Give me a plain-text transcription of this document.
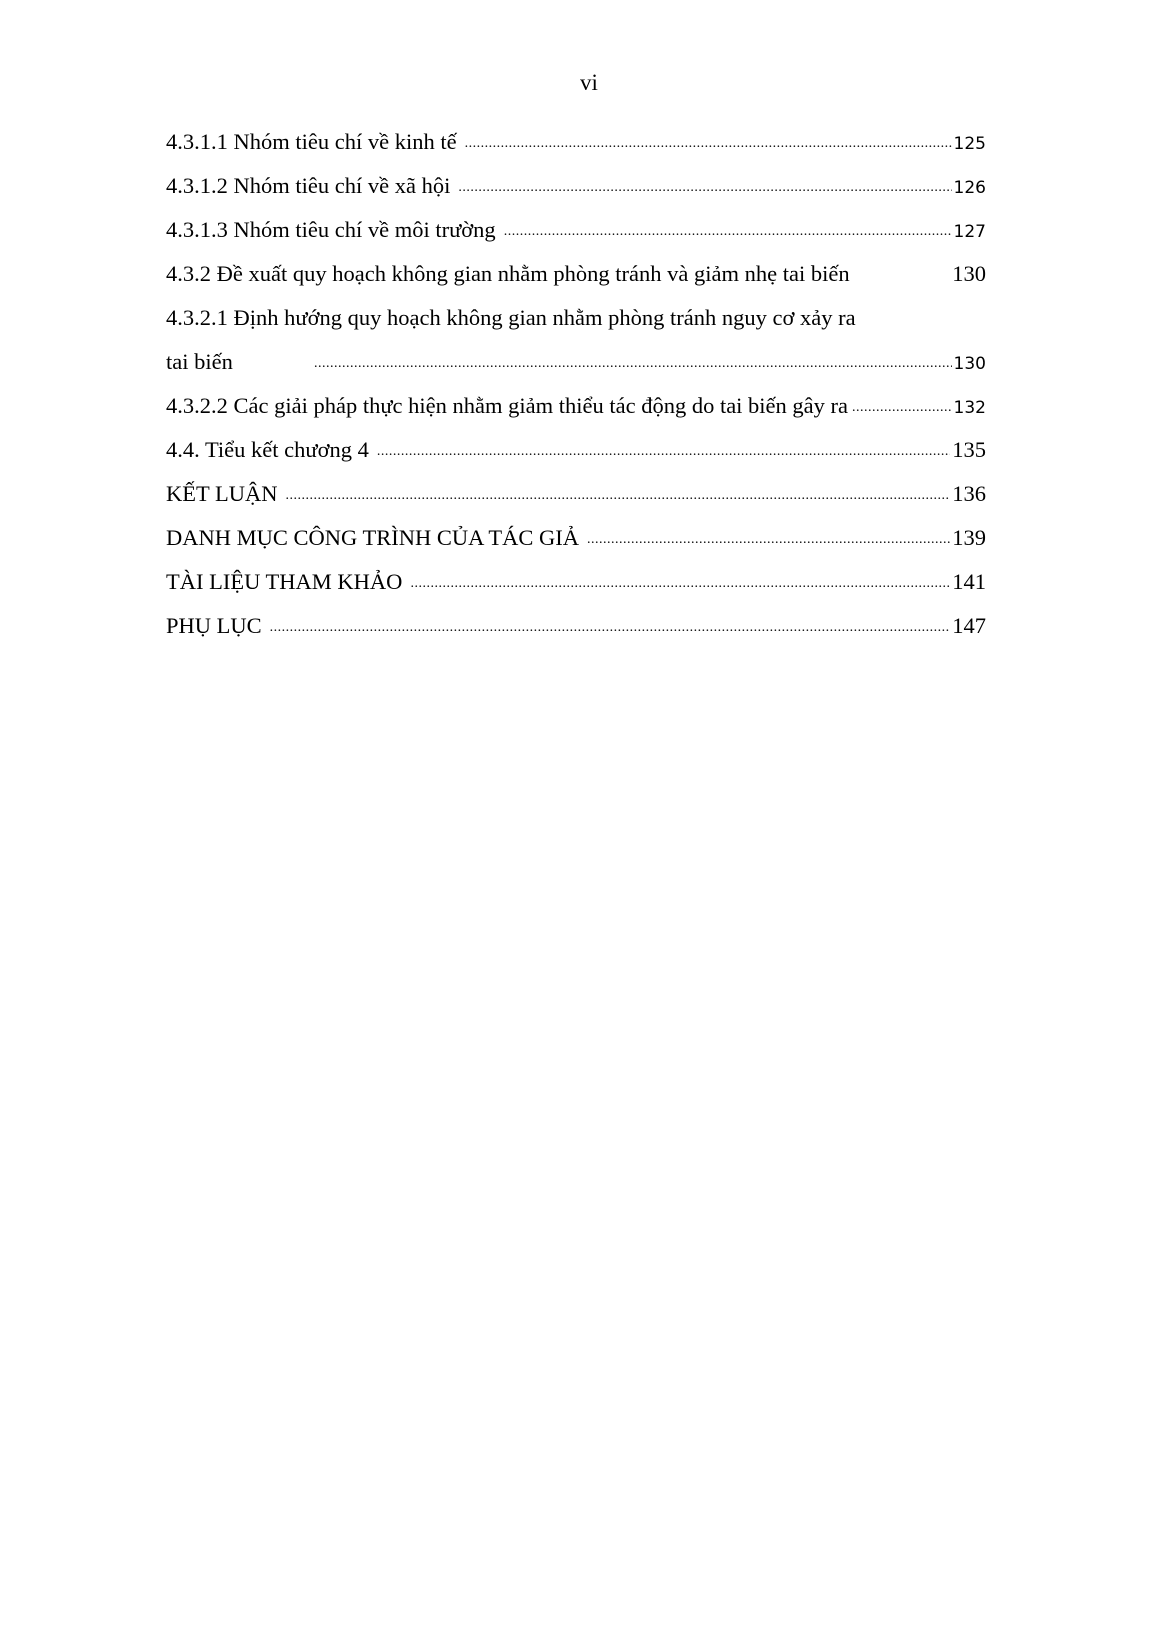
vi
4.3.1.1 Nhóm tiêu chí về kinh tế .....	125
4.3.1.2 Nhóm tiêu chí về xã hội .....	126
4.3.1.3 Nhóm tiêu chí về môi trường .....	127
4.3.2 Đề xuất quy hoạch không gian nhằm phòng tránh và giảm nhẹ tai biến	130
4.3.2.1 Định hướng quy hoạch không gian nhằm phòng tránh nguy cơ xảy ra
tai biến .....	130
4.3.2.2 Các giải pháp thực hiện nhằm giảm thiểu tác động do tai biến gây ra .....	132
4.4. Tiểu kết chương 4 .....	135
KẾT LUẬN .....	136
DANH MỤC CÔNG TRÌNH CỦA TÁC GIẢ .....	139
TÀI LIỆU THAM KHẢO .....	141
PHỤ LỤC .....	147
